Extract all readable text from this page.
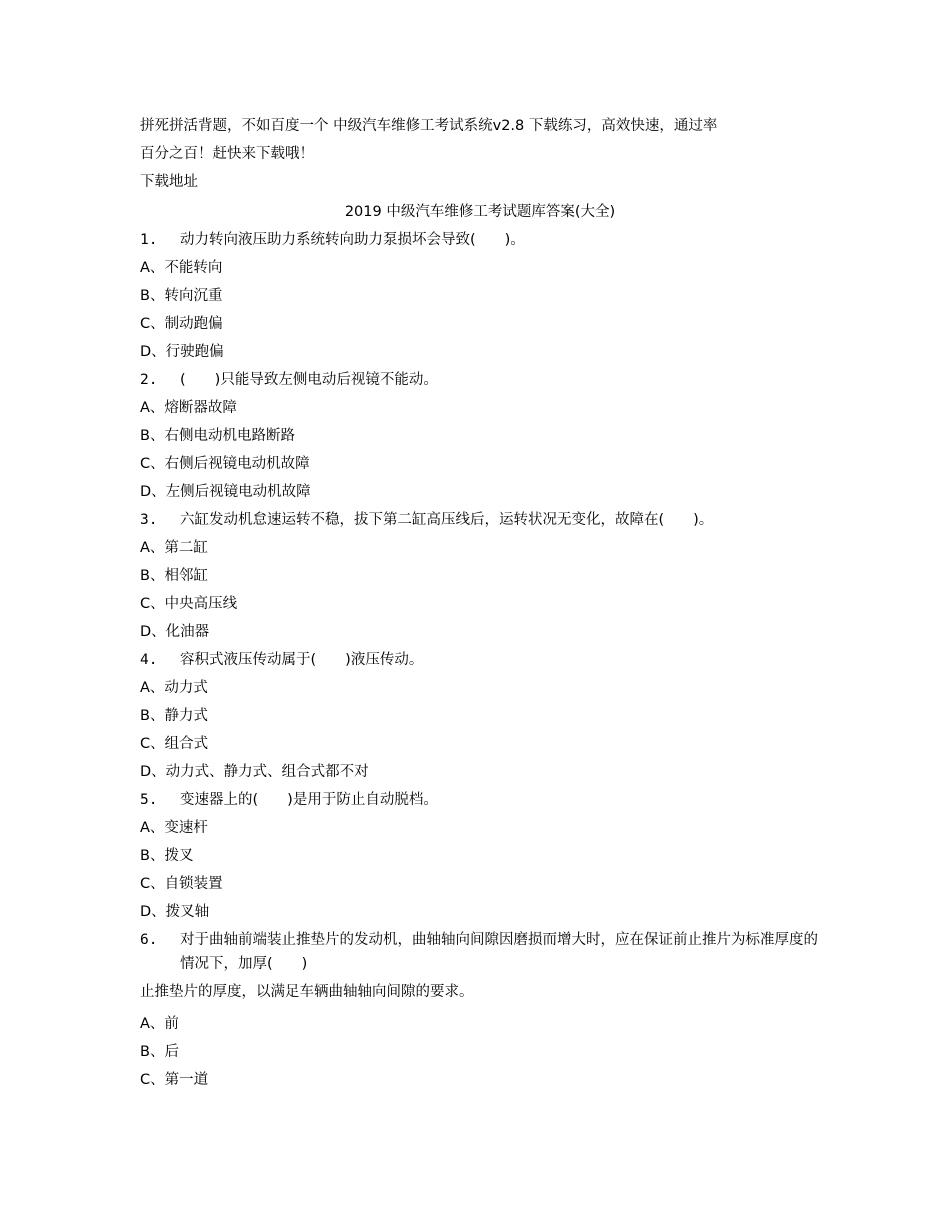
拼死拼活背题，不如百度一个 中级汽车维修工考试系统v2.8 下载练习，高效快速，通过率
百分之百！赶快来下载哦！
下载地址
2019 中级汽车维修工考试题库答案(大全)
1. 动力转向液压助力系统转向助力泵损坏会导致(　　)。
A、不能转向
B、转向沉重
C、制动跑偏
D、行驶跑偏
2. (　　)只能导致左侧电动后视镜不能动。
A、熔断器故障
B、右侧电动机电路断路
C、右侧后视镜电动机故障
D、左侧后视镜电动机故障
3. 六缸发动机怠速运转不稳，拔下第二缸高压线后，运转状况无变化，故障在(　　)。
A、第二缸
B、相邻缸
C、中央高压线
D、化油器
4. 容积式液压传动属于(　　)液压传动。
A、动力式
B、静力式
C、组合式
D、动力式、静力式、组合式都不对
5. 变速器上的(　　)是用于防止自动脱档。
A、变速杆
B、拨叉
C、自锁装置
D、拨叉轴
6. 对于曲轴前端装止推垫片的发动机，曲轴轴向间隙因磨损而增大时，应在保证前止推片为标准厚度的情况下，加厚(　　)
止推垫片的厚度，以满足车辆曲轴轴向间隙的要求。
A、前
B、后
C、第一道
